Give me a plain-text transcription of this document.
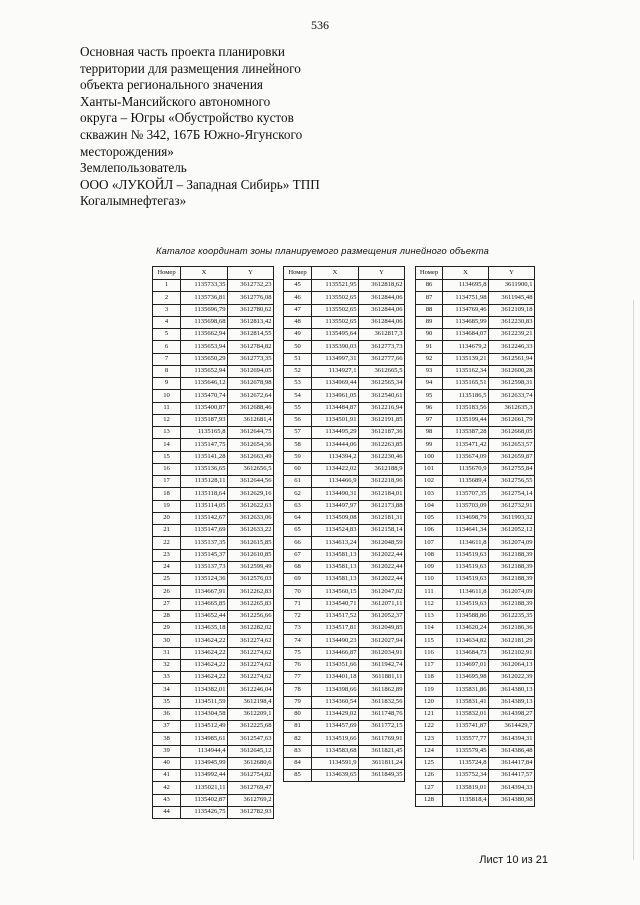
536
Основная часть проекта планировки
территории для размещения линейного
объекта регионального значения
Ханты-Мансийского автономного
округа – Югры «Обустройство кустов
скважин № 342, 167Б Южно-Ягунского
месторождения»
Землепользователь
ООО «ЛУКОЙЛ – Западная Сибирь» ТПП
Когалымнефтегаз»
Каталог координат зоны планируемого размещения линейного объекта
Номер	X	Y
1	1135733,35	3612732,23
2	1135736,81	3612776,08
3	1135696,79	3612780,62
4	1135698,68	3612813,42
5	1135662,94	3612814,55
6	1135653,94	3612784,82
7	1135650,29	3612773,35
8	1135652,94	3612694,05
9	1135646,12	3612678,98
10	1135470,74	3612672,64
11	1135400,87	3612688,46
12	1135187,93	3612681,4
13	1135165,8	3612644,75
14	1135147,75	3612654,36
15	1135141,28	3612663,49
16	1135136,65	3612656,5
17	1135128,11	3612644,56
18	1135118,64	3612629,16
19	1135114,05	3612622,63
20	1135142,67	3612633,06
21	1135147,69	3612633,22
22	1135137,35	3612615,85
23	1135145,37	3612610,85
24	1135137,73	3612599,49
25	1135124,36	3612576,03
26	1134667,91	3612262,83
27	1134665,85	3612265,83
28	1134652,44	3612256,66
29	1134635,18	3612282,02
30	1134624,22	3612274,62
31	1134624,22	3612274,62
32	1134624,22	3612274,62
33	1134624,22	3612274,62
34	1134382,01	3612246,04
35	1134511,59	3612198,4
36	1134304,58	3612209,1
37	1134512,49	3612225,68
38	1134985,61	3612547,63
39	1134944,4	3612645,12
40	1134945,99	3612680,6
41	1134992,44	3612754,82
42	1135021,11	3612769,47
43	1135402,87	3612769,2
44	1135426,75	3612782,93
Номер	X	Y
45	1135521,95	3612818,62
46	1135502,65	3612844,06
47	1135502,65	3612844,06
48	1135502,65	3612844,06
49	1135495,64	3612817,3
50	1135390,03	3612773,73
51	1134997,31	3612777,66
52	1134927,1	3612665,5
53	1134969,44	3612565,34
54	1134961,05	3612540,61
55	1134484,87	3612216,94
56	1134501,91	3612191,85
57	1134495,29	3612187,36
58	1134444,06	3612263,85
59	1134394,2	3612230,46
60	1134422,02	3612188,9
61	1134466,9	3612218,96
62	1134490,31	3612184,01
63	1134497,97	3612173,88
64	1134509,08	3612181,31
65	1134524,83	3612158,14
66	1134613,24	3612048,59
67	1134581,13	3612022,44
68	1134581,13	3612022,44
69	1134581,13	3612022,44
70	1134560,15	3612047,02
71	1134540,71	3612071,11
72	1134517,52	3612052,37
73	1134517,81	3612049,85
74	1134490,23	3612027,94
75	1134466,87	3612034,91
76	1134351,66	3611942,74
77	1134401,18	3611881,11
78	1134398,66	3611862,89
79	1134360,54	3611832,56
80	1134429,02	3611748,76
81	1134457,69	3611772,15
82	1134519,66	3611769,91
83	1134583,68	3611821,45
84	1134591,9	3611811,24
85	1134639,65	3611849,35
Номер	X	Y
86	1134695,8	3611900,1
87	1134751,98	3611945,48
88	1134769,46	3612109,18
89	1134685,99	3612230,83
90	1134684,07	3612239,21
91	1134679,2	3612246,33
92	1135139,21	3612561,94
93	1135162,34	3612600,28
94	1135165,51	3612598,31
95	1135186,5	3612633,74
96	1135183,56	3612635,3
97	1135199,44	3612661,79
98	1135387,28	3612668,05
99	1135471,42	3612653,57
100	1135674,09	3612659,87
101	1135670,9	3612755,84
102	1135689,4	3612756,55
103	1135707,35	3612754,14
104	1135703,09	3612732,91
105	1134698,79	3611993,32
106	1134641,34	3612052,12
107	1134611,8	3612074,09
108	1134519,63	3612188,39
109	1134519,63	3612188,39
110	1134519,63	3612188,39
111	1134611,8	3612074,09
112	1134519,63	3612188,39
113	1134588,86	3612235,35
114	1134620,24	3612186,36
115	1134634,82	3612181,29
116	1134684,73	3612102,91
117	1134697,01	3612064,13
118	1134695,98	3612022,39
119	1135831,86	3614380,13
120	1135831,41	3614389,13
121	1135832,01	3614398,27
122	1135741,87	3614429,7
123	1135577,77	3614394,31
124	1135579,45	3614386,48
125	1135724,8	3614417,84
126	1135752,34	3614417,57
127	1135819,01	3614394,33
128	1135818,4	3614380,98
Лист 10 из 21
